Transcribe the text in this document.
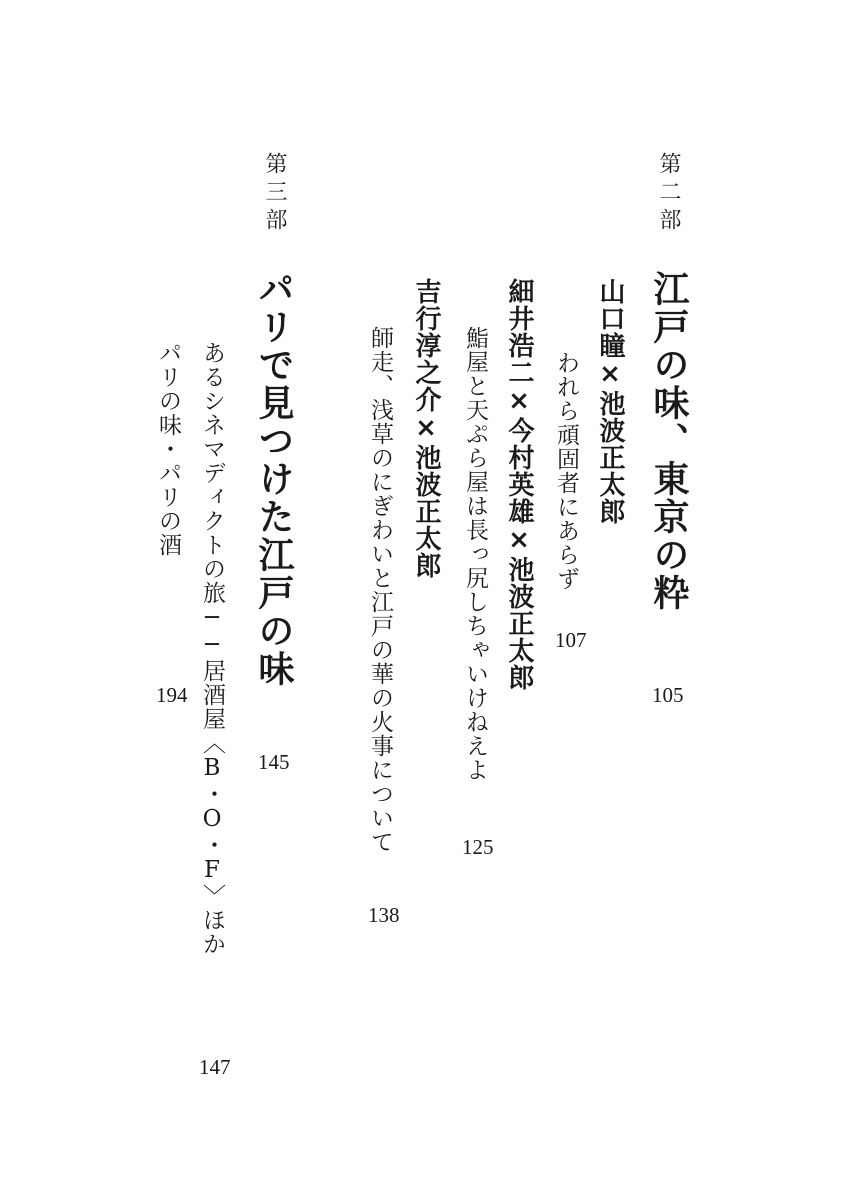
第二部
江戸の味、東京の粋
105
山口瞳×池波正太郎
われら頑固者にあらず
107
細井浩二×今村英雄×池波正太郎
鮨屋と天ぷら屋は長っ尻しちゃいけねえよ
125
吉行淳之介×池波正太郎
師走、浅草のにぎわいと江戸の華の火事について
138
第三部
パリで見つけた江戸の味
145
あるシネマディクトの旅──居酒屋〈B・O・F〉ほか
147
パリの味・パリの酒
194
